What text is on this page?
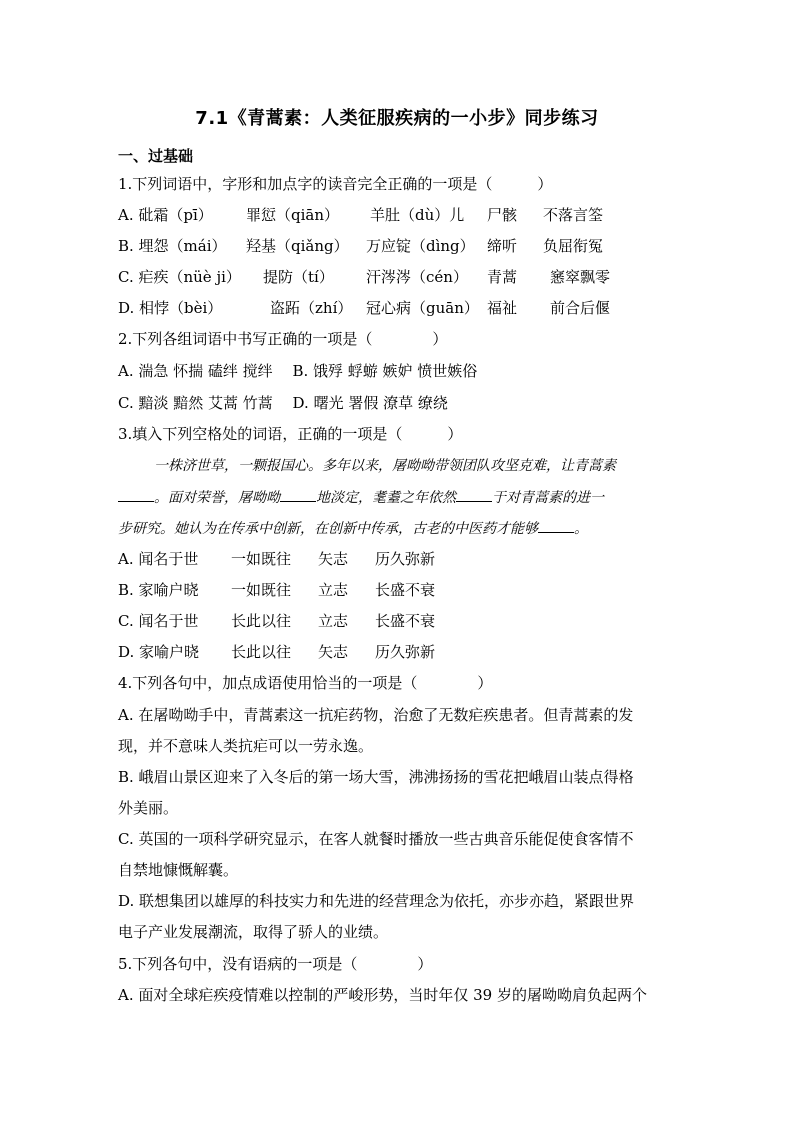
7.1《青蒿素：人类征服疾病的一小步》同步练习
一、过基础
1.下列词语中，字形和加点字的读音完全正确的一项是（　　　）
A. 砒霜（pī） 罪愆（qiān） 羊肚（dù）儿 尸骸 不落言筌
B. 埋怨（mái） 羟基（qiǎng） 万应锭（dìng） 缔听 负屈衔冤
C. 疟疾（nüè ji） 提防（tí） 汗涔涔（cén） 青蒿 窸窣飘零
D. 相悖（bèi）	盗跖（zhí） 冠心病（guān） 福祉 前合后偃
2.下列各组词语中书写正确的一项是（　　　　）
A. 湍急 怀揣 磕绊 搅绊　 B. 饿殍 蜉蝣 嫉妒 愤世嫉俗
C. 黯淡 黯然 艾蒿 竹蒿　 D. 曙光 署假 潦草 缭绕
3.填入下列空格处的词语，正确的一项是（　　　）
一株济世草，一颗报国心。多年以来，屠呦呦带领团队攻坚克难，让青蒿素
。面对荣誉，屠呦呦	地淡定，耄耋之年依然	于对青蒿素的进一
步研究。她认为在传承中创新，在创新中传承，古老的中医药才能够	。
A. 闻名于世 一如既往 矢志 历久弥新
B. 家喻户晓 一如既往 立志 长盛不衰
C. 闻名于世 长此以往 立志 长盛不衰
D. 家喻户晓 长此以往 矢志 历久弥新
4.下列各句中，加点成语使用恰当的一项是（　　　　）
A. 在屠呦呦手中，青蒿素这一抗疟药物，治愈了无数疟疾患者。但青蒿素的发
现，并不意味人类抗疟可以一劳永逸。
B. 峨眉山景区迎来了入冬后的第一场大雪，沸沸扬扬的雪花把峨眉山装点得格
外美丽。
C. 英国的一项科学研究显示，在客人就餐时播放一些古典音乐能促使食客情不
自禁地慷慨解囊。
D. 联想集团以雄厚的科技实力和先进的经营理念为依托，亦步亦趋，紧跟世界
电子产业发展潮流，取得了骄人的业绩。
5.下列各句中，没有语病的一项是（　　　　）
A. 面对全球疟疾疫情难以控制的严峻形势，当时年仅 39 岁的屠呦呦肩负起两个
